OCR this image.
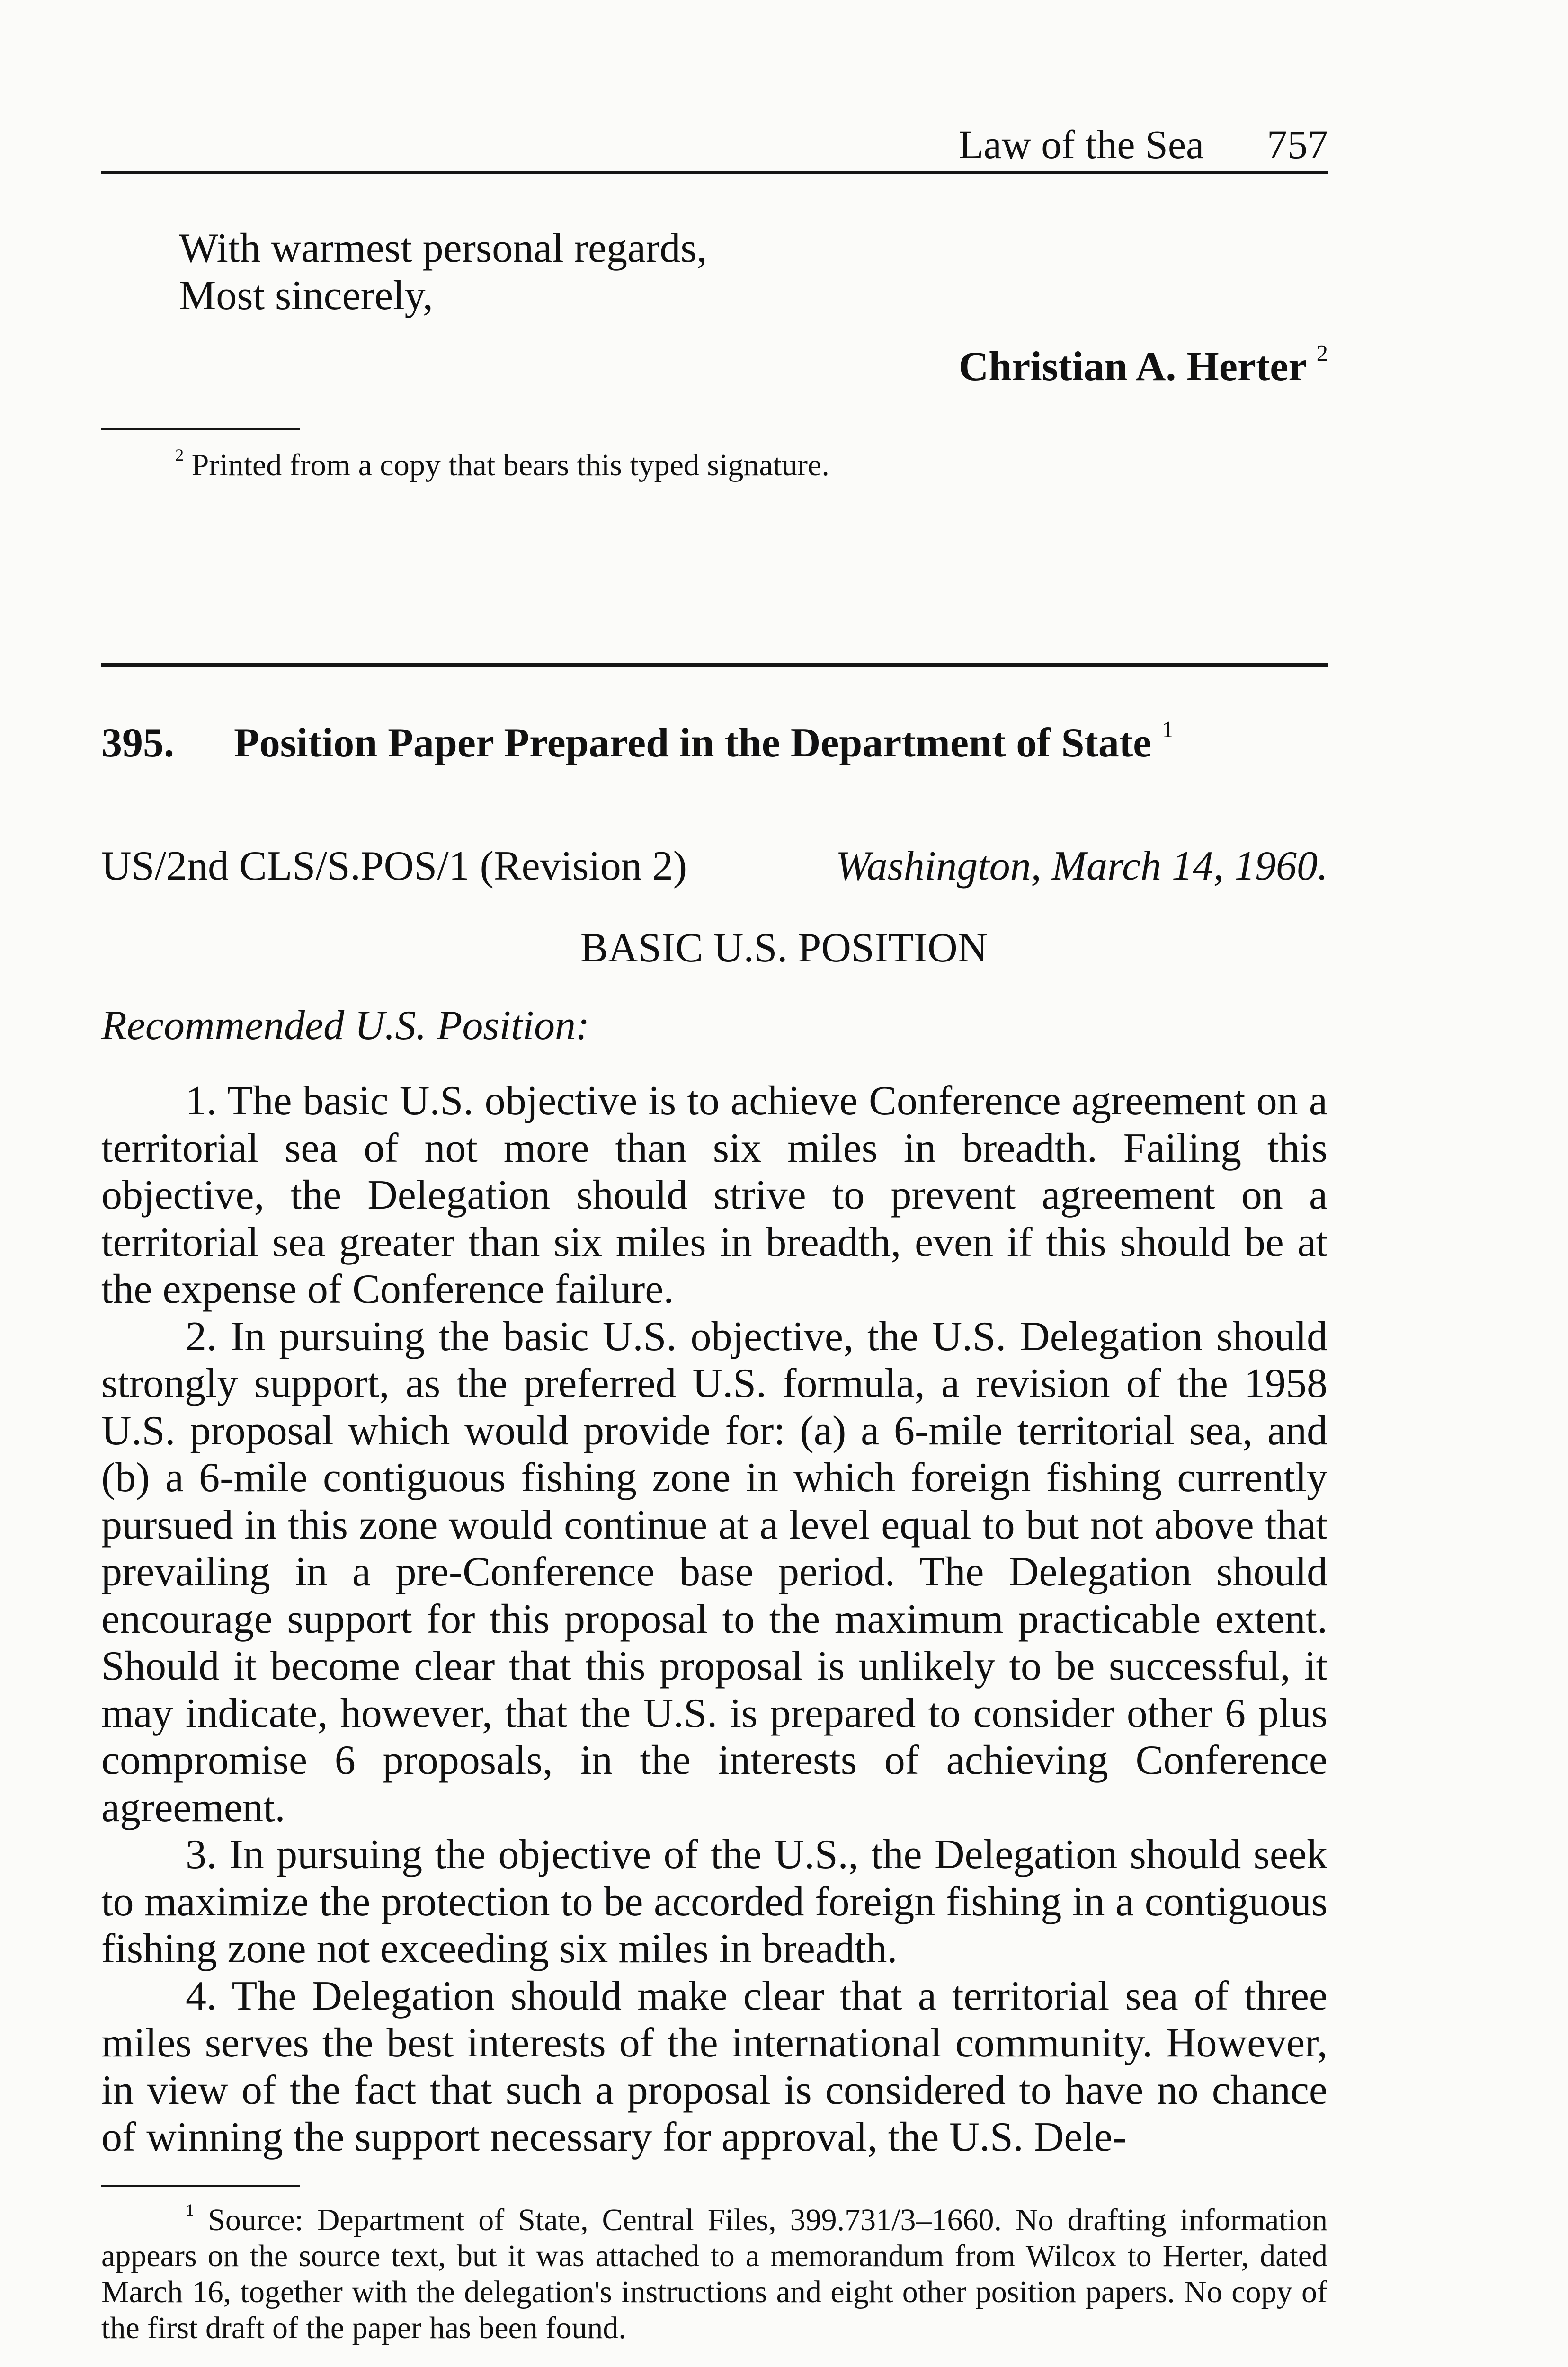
Law of the Sea 757
With warmest personal regards,
Most sincerely,
Christian A. Herter $^2$
$^2$ Printed from a copy that bears this typed signature.
395. Position Paper Prepared in the Department of State $^1$
US/2nd CLS/S.POS/1 (Revision 2)	Washington, March 14, 1960.
BASIC U.S. POSITION
Recommended U.S. Position:

1. The basic U.S. objective is to achieve Conference agreement on a territorial sea of not more than six miles in breadth. Failing this objective, the Delegation should strive to prevent agreement on a territorial sea greater than six miles in breadth, even if this should be at the expense of Conference failure.

2. In pursuing the basic U.S. objective, the U.S. Delegation should strongly support, as the preferred U.S. formula, a revision of the 1958 U.S. proposal which would provide for: (a) a 6-mile territorial sea, and (b) a 6-mile contiguous fishing zone in which foreign fishing currently pursued in this zone would continue at a level equal to but not above that prevailing in a pre-Conference base period. The Delegation should encourage support for this proposal to the maximum practicable extent. Should it become clear that this proposal is unlikely to be successful, it may indicate, however, that the U.S. is prepared to consider other 6 plus compromise 6 proposals, in the interests of achieving Conference agreement.

3. In pursuing the objective of the U.S., the Delegation should seek to maximize the protection to be accorded foreign fishing in a contiguous fishing zone not exceeding six miles in breadth.

4. The Delegation should make clear that a territorial sea of three miles serves the best interests of the international community. However, in view of the fact that such a proposal is considered to have no chance of winning the support necessary for approval, the U.S. Dele-

$^1$ Source: Department of State, Central Files, 399.731/3–1660. No drafting information appears on the source text, but it was attached to a memorandum from Wilcox to Herter, dated March 16, together with the delegation's instructions and eight other position papers. No copy of the first draft of the paper has been found.
